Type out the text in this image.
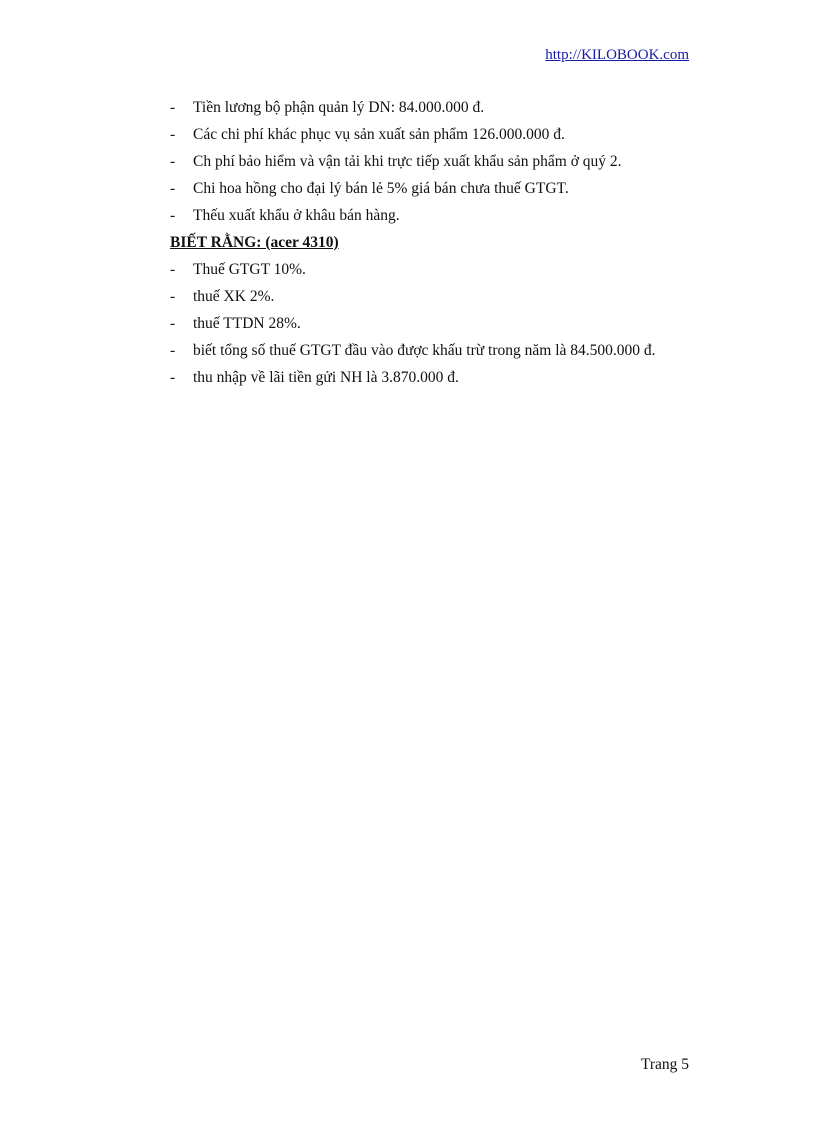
http://KILOBOOK.com
- Tiền lương bộ phận quản lý DN: 84.000.000 đ.
- Các chi phí khác phục vụ sản xuất sản phẩm 126.000.000 đ.
- Ch phí bảo hiểm và vận tải khi trực tiếp xuất khẩu sản phẩm ở quý 2.
- Chi hoa hồng cho đại lý bán lẻ 5% giá bán chưa thuế GTGT.
- Thếu xuất khẩu ở khâu bán hàng.
BIẾT RẰNG: (acer 4310)
- Thuế GTGT 10%.
- thuế XK 2%.
- thuế TTDN 28%.
- biết tổng số thuế GTGT đầu vào được khấu trừ trong năm là 84.500.000 đ.
- thu nhập về lãi tiền gửi NH là 3.870.000 đ.
Trang 5
